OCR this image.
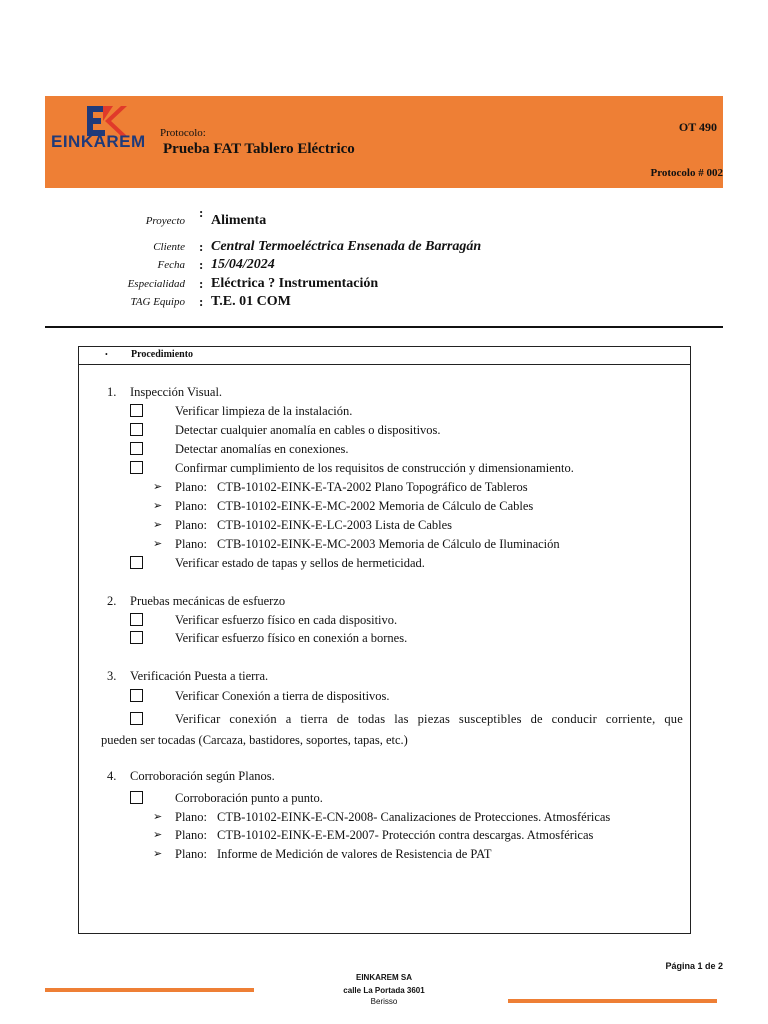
EINKAREM Protocolo:
Prueba FAT Tablero Eléctrico
OT 490
Protocolo # 002
Proyecto
:
Alimenta
Cliente : Central Termoeléctrica Ensenada de Barragán
Fecha : 15/04/2024
Especialidad : Eléctrica ? Instrumentación
TAG Equipo : T.E. 01 COM
• Procedimiento
1. Inspección Visual.
Verificar limpieza de la instalación.
Detectar cualquier anomalía en cables o dispositivos.
Detectar anomalías en conexiones.
Confirmar cumplimiento de los requisitos de construcción y dimensionamiento.
➢ Plano: CTB-10102-EINK-E-TA-2002 Plano Topográfico de Tableros
➢ Plano: CTB-10102-EINK-E-MC-2002 Memoria de Cálculo de Cables
➢ Plano: CTB-10102-EINK-E-LC-2003 Lista de Cables
➢ Plano: CTB-10102-EINK-E-MC-2003 Memoria de Cálculo de Iluminación
Verificar estado de tapas y sellos de hermeticidad.
2. Pruebas mecánicas de esfuerzo
Verificar esfuerzo físico en cada dispositivo.
Verificar esfuerzo físico en conexión a bornes.
3. Verificación Puesta a tierra.
Verificar Conexión a tierra de dispositivos.
Verificar conexión a tierra de todas las piezas susceptibles de conducir corriente, que
pueden ser tocadas (Carcaza, bastidores, soportes, tapas, etc.)
4. Corroboración según Planos.
Corroboración punto a punto.
➢ Plano: CTB-10102-EINK-E-CN-2008- Canalizaciones de Protecciones. Atmosféricas
➢ Plano: CTB-10102-EINK-E-EM-2007- Protección contra descargas. Atmosféricas
➢ Plano: Informe de Medición de valores de Resistencia de PAT
Página 1 de 2
EINKAREM SA
calle La Portada 3601
Berisso
